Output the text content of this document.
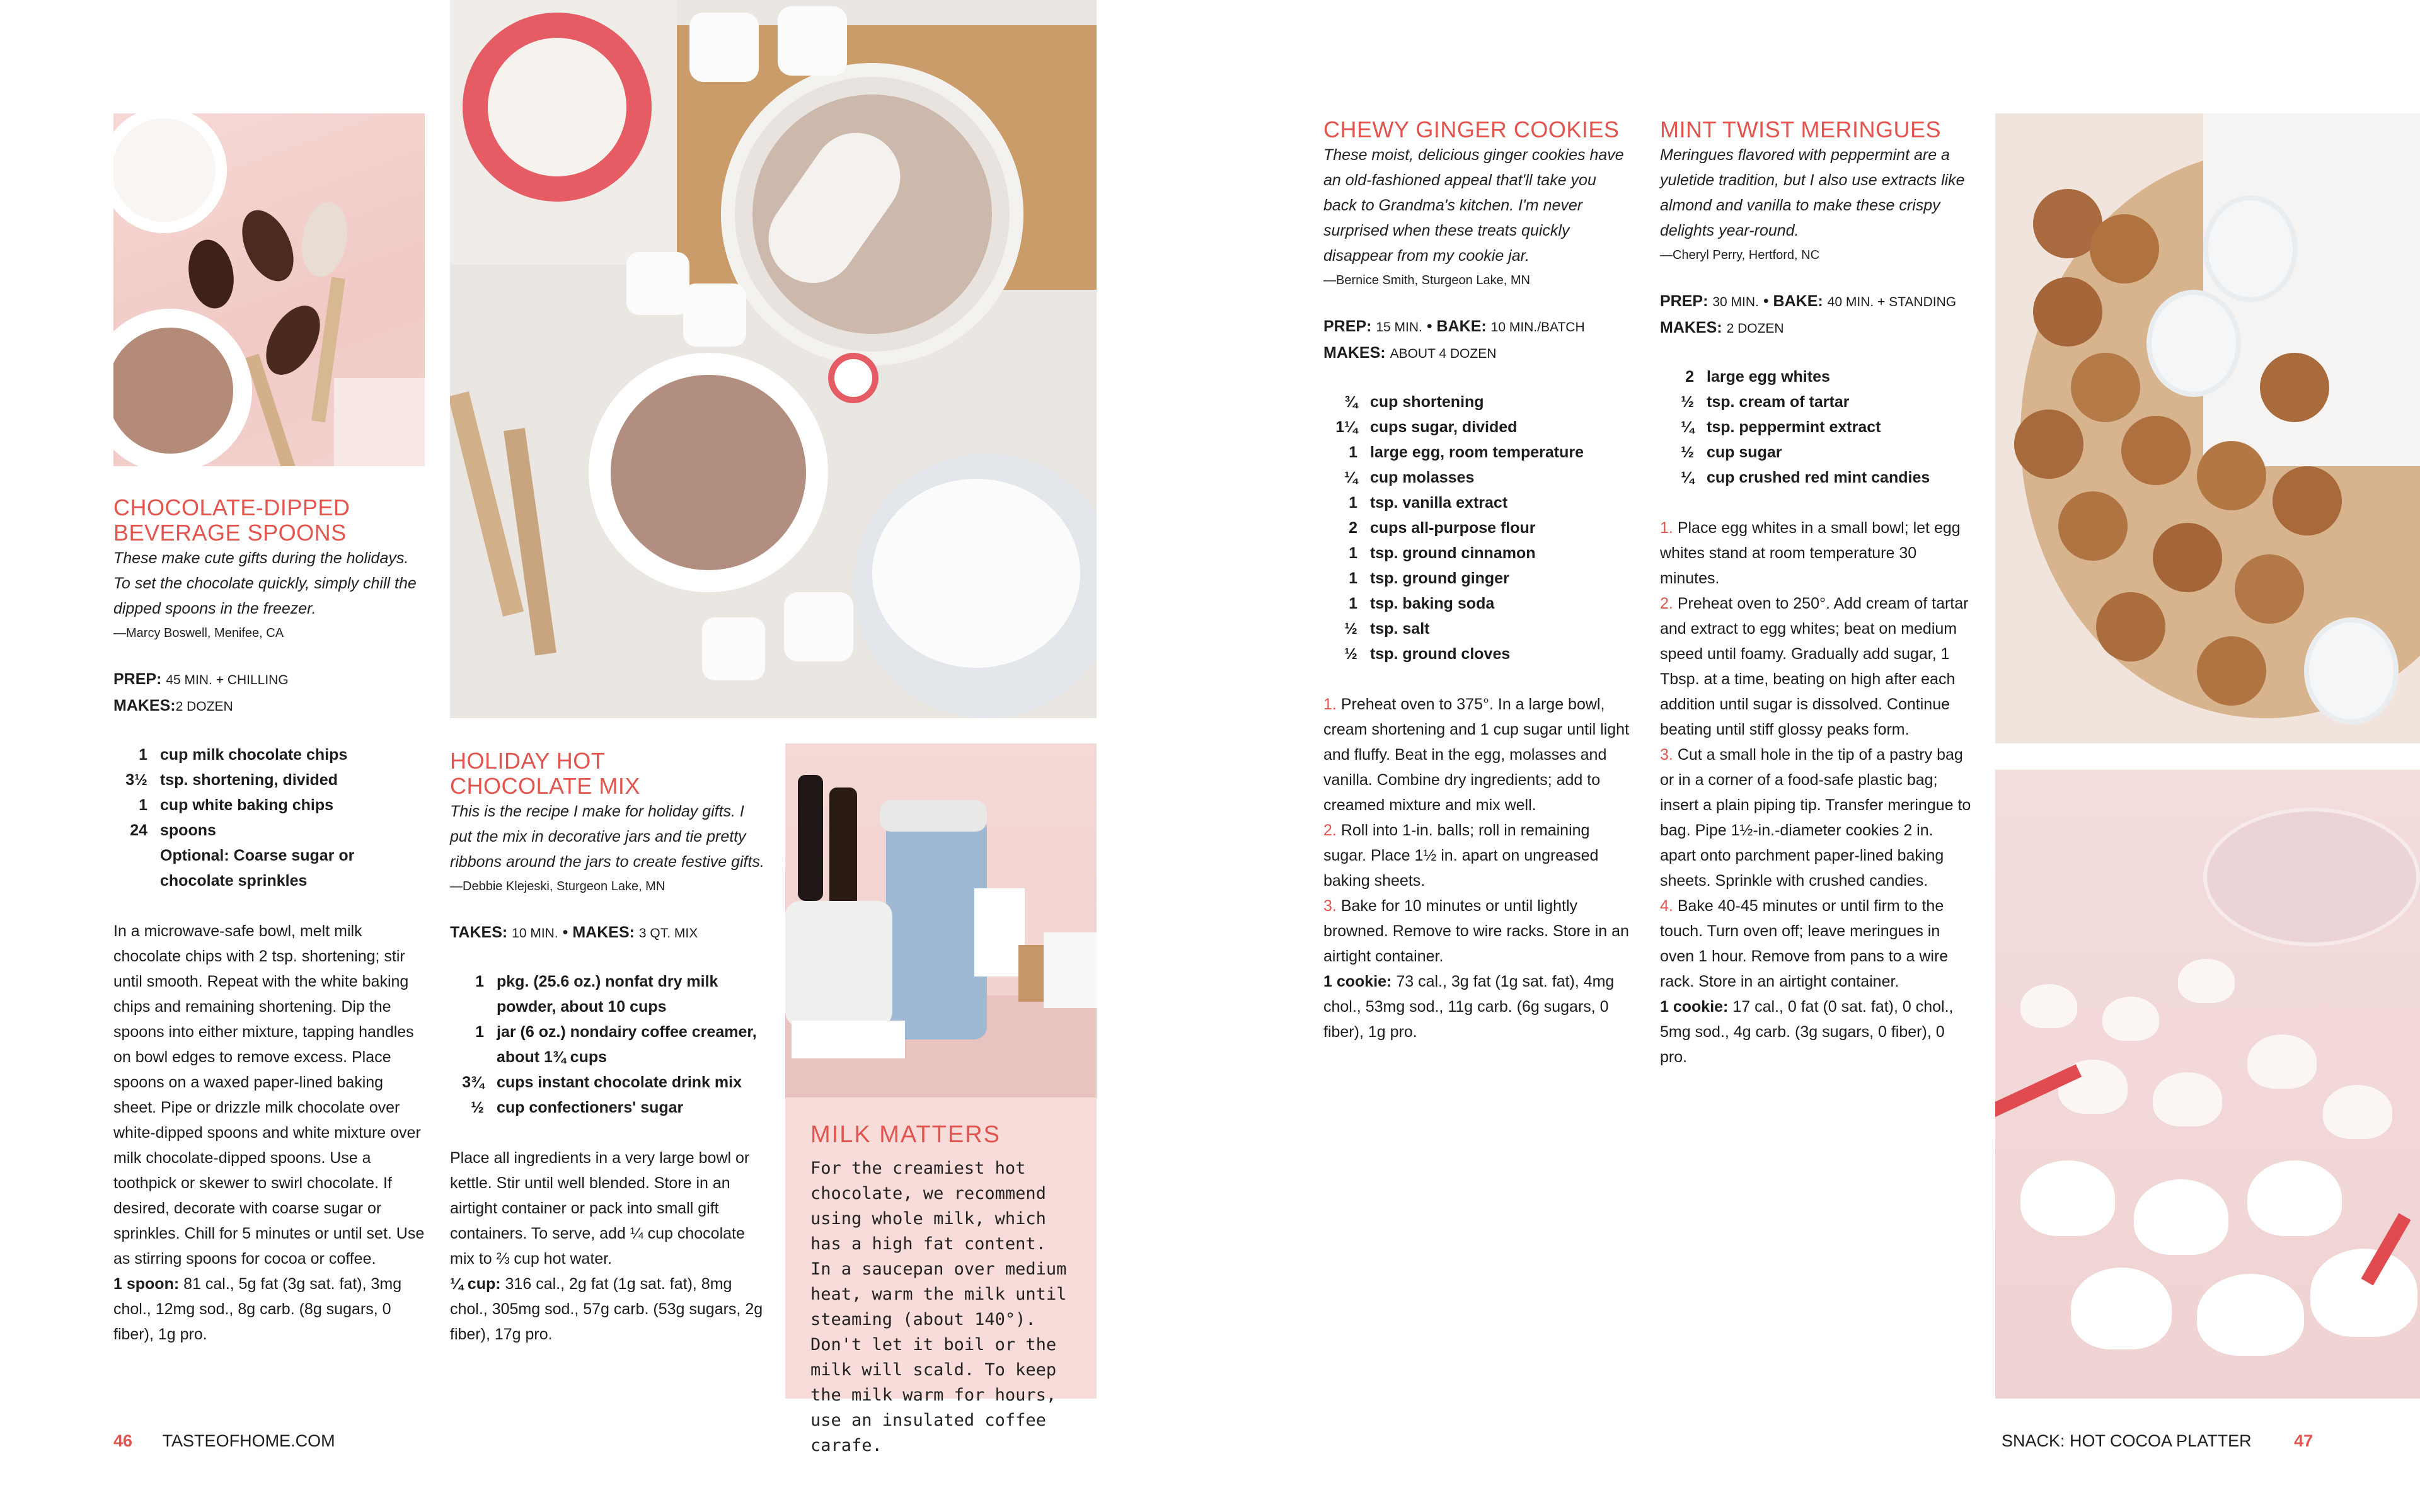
CHOCOLATE-DIPPED
BEVERAGE SPOONS
These make cute gifts during the holidays. To set the chocolate quickly, simply chill the dipped spoons in the freezer.
—Marcy Boswell, Menifee, CA
PREP: 45 MIN. + CHILLING
MAKES:2 DOZEN
1 cup milk chocolate chips
3½ tsp. shortening, divided
1 cup white baking chips
24 spoons
Optional: Coarse sugar or chocolate sprinkles
In a microwave-safe bowl, melt milk chocolate chips with 2 tsp. shortening; stir until smooth. Repeat with the white baking chips and remaining shortening. Dip the spoons into either mixture, tapping handles on bowl edges to remove excess. Place spoons on a waxed paper-lined baking sheet. Pipe or drizzle milk chocolate over white-dipped spoons and white mixture over milk chocolate-dipped spoons. Use a toothpick or skewer to swirl chocolate. If desired, decorate with coarse sugar or sprinkles. Chill for 5 minutes or until set. Use as stirring spoons for cocoa or coffee.
1 spoon: 81 cal., 5g fat (3g sat. fat), 3mg chol., 12mg sod., 8g carb. (8g sugars, 0 fiber), 1g pro.
HOLIDAY HOT
CHOCOLATE MIX
This is the recipe I make for holiday gifts. I put the mix in decorative jars and tie pretty ribbons around the jars to create festive gifts.
—Debbie Klejeski, Sturgeon Lake, MN
TAKES: 10 MIN. • MAKES: 3 QT. MIX
1 pkg. (25.6 oz.) nonfat dry milk powder, about 10 cups
1 jar (6 oz.) nondairy coffee creamer, about 1¾ cups
3¾ cups instant chocolate drink mix
½ cup confectioners' sugar
Place all ingredients in a very large bowl or kettle. Stir until well blended. Store in an airtight container or pack into small gift containers. To serve, add ¼ cup chocolate mix to ⅔ cup hot water.
¼ cup: 316 cal., 2g fat (1g sat. fat), 8mg chol., 305mg sod., 57g carb. (53g sugars, 2g fiber), 17g pro.
MILK MATTERS
For the creamiest hot chocolate, we recommend using whole milk, which has a high fat content. In a saucepan over medium heat, warm the milk until steaming (about 140°). Don't let it boil or the milk will scald. To keep the milk warm for hours, use an insulated coffee carafe.
46 TASTEOFHOME.COM
CHEWY GINGER COOKIES
These moist, delicious ginger cookies have an old-fashioned appeal that'll take you back to Grandma's kitchen. I'm never surprised when these treats quickly disappear from my cookie jar.
—Bernice Smith, Sturgeon Lake, MN
PREP: 15 MIN. • BAKE: 10 MIN./BATCH
MAKES: ABOUT 4 DOZEN
¾ cup shortening
1¼ cups sugar, divided
1 large egg, room temperature
¼ cup molasses
1 tsp. vanilla extract
2 cups all-purpose flour
1 tsp. ground cinnamon
1 tsp. ground ginger
1 tsp. baking soda
½ tsp. salt
½ tsp. ground cloves
1. Preheat oven to 375°. In a large bowl, cream shortening and 1 cup sugar until light and fluffy. Beat in the egg, molasses and vanilla. Combine dry ingredients; add to creamed mixture and mix well.
2. Roll into 1-in. balls; roll in remaining sugar. Place 1½ in. apart on ungreased baking sheets.
3. Bake for 10 minutes or until lightly browned. Remove to wire racks. Store in an airtight container.
1 cookie: 73 cal., 3g fat (1g sat. fat), 4mg chol., 53mg sod., 11g carb. (6g sugars, 0 fiber), 1g pro.
MINT TWIST MERINGUES
Meringues flavored with peppermint are a yuletide tradition, but I also use extracts like almond and vanilla to make these crispy delights year-round.
—Cheryl Perry, Hertford, NC
PREP: 30 MIN. • BAKE: 40 MIN. + STANDING
MAKES: 2 DOZEN
2 large egg whites
½ tsp. cream of tartar
¼ tsp. peppermint extract
½ cup sugar
¼ cup crushed red mint candies
1. Place egg whites in a small bowl; let egg whites stand at room temperature 30 minutes.
2. Preheat oven to 250°. Add cream of tartar and extract to egg whites; beat on medium speed until foamy. Gradually add sugar, 1 Tbsp. at a time, beating on high after each addition until sugar is dissolved. Continue beating until stiff glossy peaks form.
3. Cut a small hole in the tip of a pastry bag or in a corner of a food-safe plastic bag; insert a plain piping tip. Transfer meringue to bag. Pipe 1½-in.-diameter cookies 2 in. apart onto parchment paper-lined baking sheets. Sprinkle with crushed candies.
4. Bake 40-45 minutes or until firm to the touch. Turn oven off; leave meringues in oven 1 hour. Remove from pans to a wire rack. Store in an airtight container.
1 cookie: 17 cal., 0 fat (0 sat. fat), 0 chol., 5mg sod., 4g carb. (3g sugars, 0 fiber), 0 pro.
SNACK: HOT COCOA PLATTER	47
